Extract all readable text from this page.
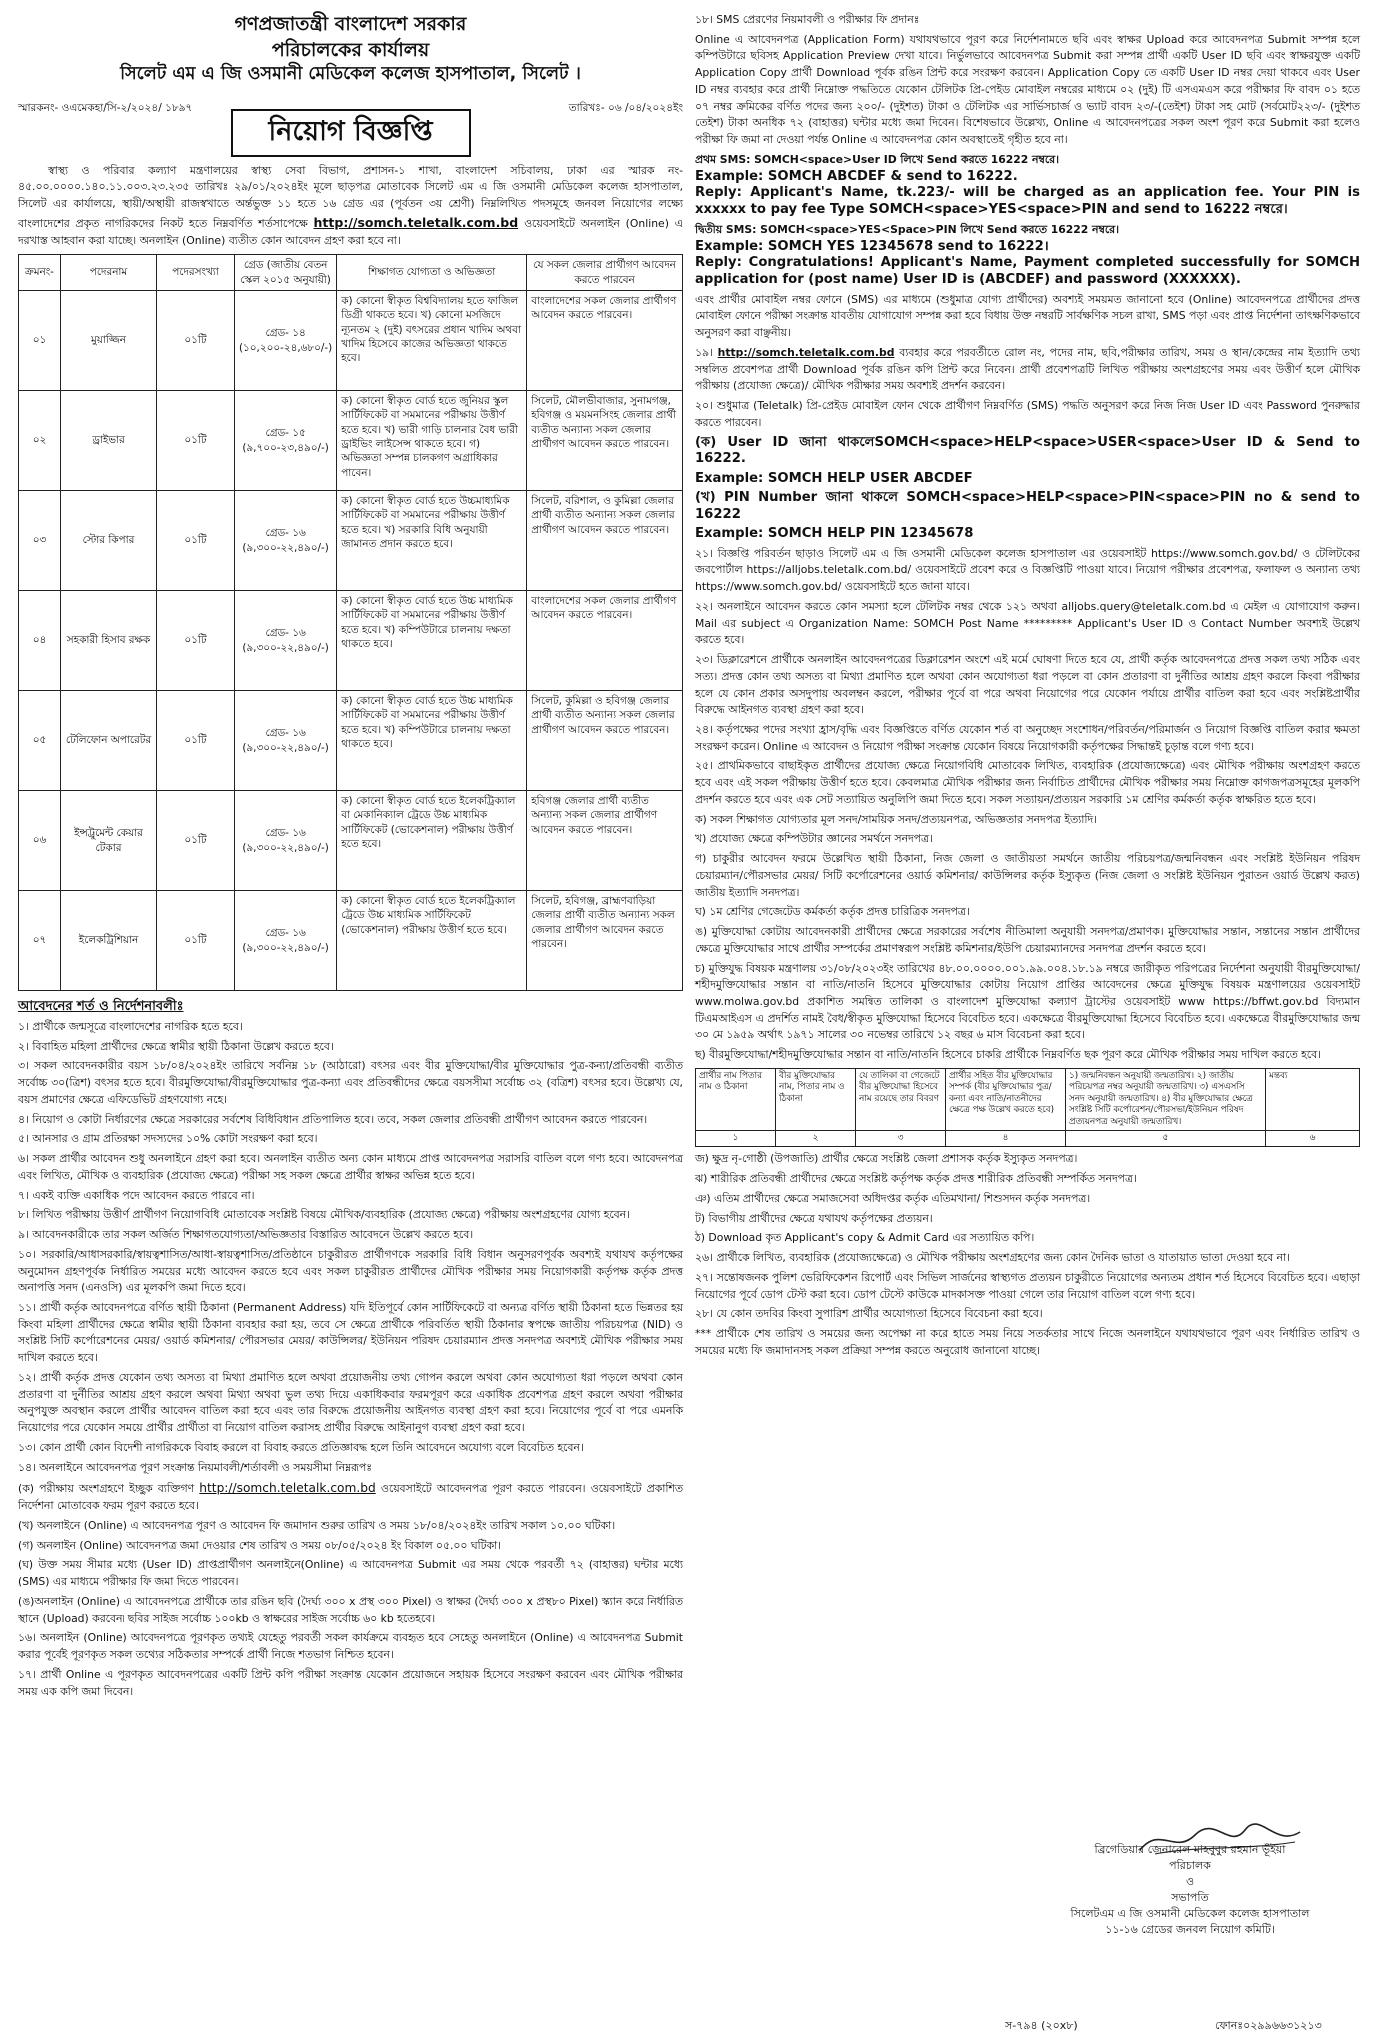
গণপ্রজাতন্ত্রী বাংলাদেশ সরকার
পরিচালকের কার্যালয়
সিলেট এম এ জি ওসমানী মেডিকেল কলেজ হাসপাতাল, সিলেট ।
স্মারকনং- ওএমেকহা/সি-২/২০২৪/ ১৮৯৭	তারিখঃ- ০৬ /০৪/২০২৪ইং
নিয়োগ বিজ্ঞপ্তি
স্বাস্থ্য ও পরিবার কল্যাণ মন্ত্রণালয়ের স্বাস্থ্য সেবা বিভাগ, প্রশাসন-১ শাখা, বাংলাদেশ সচিবালয়, ঢাকা এর স্মারক নং- ৪৫.০০.০০০০.১৪০.১১.০০৩.২৩.২৩৫ তারিখঃ ২৯/০১/২০২৪ইং মূলে ছাড়পত্র মোতাবেক সিলেট এম এ জি ওসমানী মেডিকেল কলেজ হাসপাতাল, সিলেট এর কার্যালয়ে, স্থায়ী/অস্থায়ী রাজস্বখাতে অর্ন্তভুক্ত ১১ হতে ১৬ গ্রেড এর (পূর্বতন ৩য় শ্রেণী) নিম্নলিখিত পদসমূহে জনবল নিয়োগের লক্ষ্যে বাংলাদেশের প্রকৃত নাগরিকদের নিকট হতে নিম্নবর্ণিত শর্তসাপেক্ষে http://somch.teletalk.com.bd ওয়েবসাইটে অনলাইন (Online) এ দরখাস্ত আহবান করা যাচ্ছে। অনলাইন (Online) ব্যতীত কোন আবেদন গ্রহণ করা হবে না।
ক্রমনং-	পদেরনাম	পদেরসংখ্যা	গ্রেড (জাতীয় বেতন স্কেল ২০১৫ অনুযায়ী)	শিক্ষাগত যোগ্যতা ও অভিজ্ঞতা	যে সকল জেলার প্রার্থীগণ আবেদন করতে পারবেন
০১	মুয়াজ্জিন	০১টি	গ্রেড- ১৪ (১০,২০০-২৪,৬৮০/-)	ক) কোনো স্বীকৃত বিশ্ববিদ্যালয় হতে ফাজিল ডিগ্রী থাকতে হবে। খ) কোনো মসজিদে ন্যূনতম ২ (দুই) বৎসরের প্রধান খাদিম অথবা খাদিম হিসেবে কাজের অভিজ্ঞতা থাকতে হবে।	বাংলাদেশের সকল জেলার প্রার্থীগণ আবেদন করতে পারবেন।
০২	ড্রাইভার	০১টি	গ্রেড- ১৫ (৯,৭০০-২৩,৪৯০/-)	ক) কোনো স্বীকৃত বোর্ড হতে জুনিয়র স্কুল সার্টিফিকেট বা সমমানের পরীক্ষায় উত্তীর্ণ হতে হবে। খ) ভারী গাড়ি চালনার বৈধ ভারী ড্রাইভিং লাইসেন্স থাকতে হবে। গ) অভিজ্ঞতা সম্পন্ন চালকগণ অগ্রাধিকার পাবেন।	সিলেট, মৌলভীবাজার, সুনামগঞ্জ, হবিগঞ্জ ও ময়মনসিংহ জেলার প্রার্থী ব্যতীত অন্যান্য সকল জেলার প্রার্থীগণ আবেদন করতে পারবেন।
০৩	স্টোর কিপার	০১টি	গ্রেড- ১৬ (৯,৩০০-২২,৪৯০/-)	ক) কোনো স্বীকৃত বোর্ড হতে উচ্চমাধ্যমিক সার্টিফিকেট বা সমমানের পরীক্ষায় উত্তীর্ণ হতে হবে। খ) সরকারি বিধি অনুযায়ী জামানত প্রদান করতে হবে।	সিলেট, বরিশাল, ও কুমিল্লা জেলার প্রার্থী ব্যতীত অন্যান্য সকল জেলার প্রার্থীগণ আবেদন করতে পারবেন।
০৪	সহকারী হিসাব রক্ষক	০১টি	গ্রেড- ১৬ (৯,৩০০-২২,৪৯০/-)	ক) কোনো স্বীকৃত বোর্ড হতে উচ্চ মাধ্যমিক সার্টিফিকেট বা সমমানের পরীক্ষায় উত্তীর্ণ হতে হবে। খ) কম্পিউটারে চালনায় দক্ষতা থাকতে হবে।	বাংলাদেশের সকল জেলার প্রার্থীগণ আবেদন করতে পারবেন।
০৫	টেলিফোন অপারেটর	০১টি	গ্রেড- ১৬ (৯,৩০০-২২,৪৯০/-)	ক) কোনো স্বীকৃত বোর্ড হতে উচ্চ মাধ্যমিক সার্টিফিকেট বা সমমানের পরীক্ষায় উত্তীর্ণ হতে হবে। খ) কম্পিউটারে চালনায় দক্ষতা থাকতে হবে।	সিলেট, কুমিল্লা ও হবিগঞ্জ জেলার প্রার্থী ব্যতীত অন্যান্য সকল জেলার প্রার্থীগণ আবেদন করতে পারবেন।
০৬	ইন্সট্রুমেন্ট কেয়ার টেকার	০১টি	গ্রেড- ১৬ (৯,৩০০-২২,৪৯০/-)	ক) কোনো স্বীকৃত বোর্ড হতে ইলেকট্রিক্যাল বা মেকানিক্যাল ট্রেডে উচ্চ মাধ্যমিক সার্টিফিকেট (ভোকেশনাল) পরীক্ষায় উত্তীর্ণ হতে হবে।	হবিগঞ্জ জেলার প্রার্থী ব্যতীত অন্যান্য সকল জেলার প্রার্থীগণ আবেদন করতে পারবেন।
০৭	ইলেকট্রিশিয়ান	০১টি	গ্রেড- ১৬ (৯,৩০০-২২,৪৯০/-)	ক) কোনো স্বীকৃত বোর্ড হতে ইলেকট্রিক্যাল ট্রেডে উচ্চ মাধ্যমিক সার্টিফিকেট (ভোকেশনাল) পরীক্ষায় উত্তীর্ণ হতে হবে।	সিলেট, হবিগঞ্জ, ব্রাহ্মণবাড়িয়া জেলার প্রার্থী ব্যতীত অন্যান্য সকল জেলার প্রার্থীগণ আবেদন করতে পারবেন।
আবেদনের শর্ত ও নির্দেশনাবলীঃ
১। প্রার্থীকে জন্মসূত্রে বাংলাদেশের নাগরিক হতে হবে।
২। বিবাহিত মহিলা প্রার্থীদের ক্ষেত্রে স্বামীর স্থায়ী ঠিকানা উল্লেখ করতে হবে।
৩। সকল আবেদনকারীর বয়স ১৮/০৪/২০২৪ইং তারিখে সর্বনিম্ন ১৮ (আঠারো) বৎসর এবং বীর মুক্তিযোদ্ধা/বীর মুক্তিযোদ্ধার পুত্র-কন্যা/প্রতিবন্ধী ব্যতীত সর্বোচ্চ ৩০(ত্রিশ) বৎসর হতে হবে। বীরমুক্তিযোদ্ধা/বীরমুক্তিযোদ্ধার পুত্র-কন্যা এবং প্রতিবন্ধীদের ক্ষেত্রে বয়সসীমা সর্বোচ্চ ৩২ (বত্রিশ) বৎসর হবে। উল্লেখ্য যে, বয়স প্রমাণের ক্ষেত্রে এফিডেভিট গ্রহণযোগ্য নহে।
৪। নিয়োগ ও কোটা নির্ধারণের ক্ষেত্রে সরকারের সর্বশেষ বিধিবিধান প্রতিপালিত হবে। তবে, সকল জেলার প্রতিবন্ধী প্রার্থীগণ আবেদন করতে পারবেন।
৫। আনসার ও গ্রাম প্রতিরক্ষা সদস্যদের ১০% কোটা সংরক্ষণ করা হবে।
৬। সকল প্রার্থীর আবেদন শুধু অনলাইনে গ্রহণ করা হবে। অনলাইন ব্যতীত অন্য কোন মাধ্যমে প্রাপ্ত আবেদনপত্র সরাসরি বাতিল বলে গণ্য হবে। আবেদনপত্র এবং লিখিত, মৌখিক ও ব্যবহারিক (প্রযোজ্য ক্ষেত্রে) পরীক্ষা সহ সকল ক্ষেত্রে প্রার্থীর স্বাক্ষর অভিন্ন হতে হবে।
৭। একই ব্যক্তি একাধিক পদে আবেদন করতে পারবে না।
৮। লিখিত পরীক্ষায় উত্তীর্ণ প্রার্থীগণ নিয়োগবিধি মোতাবেক সংশ্লিষ্ট বিষয়ে মৌখিক/ব্যবহারিক (প্রযোজ্য ক্ষেত্রে) পরীক্ষায় অংশগ্রহণের যোগ্য হবেন।
৯। আবেদনকারীকে তার সকল অর্জিত শিক্ষাগতযোগ্যতা/অভিজ্ঞতার বিস্তারিত আবেদনে উল্লেখ করতে হবে।
১০। সরকারি/আধাসরকারি/স্বায়ত্বশাসিত/আধা-স্বায়ত্বশাসিত/প্রতিষ্ঠানে চাকুরীরত প্রার্থীগণকে সরকারি বিধি বিধান অনুসরণপূর্বক অবশ্যই যথাযথ কর্তৃপক্ষের অনুমোদন গ্রহণপূর্বক নির্ধারিত সময়ের মধ্যে আবেদন করতে হবে এবং সকল চাকুরীরত প্রার্থীদের মৌখিক পরীক্ষার সময় নিয়োগকারী কর্তৃপক্ষ কর্তৃক প্রদত্ত অনাপত্তি সনদ (এনওসি) এর মূলকপি জমা দিতে হবে।
১১। প্রার্থী কর্তৃক আবেদনপত্রে বর্ণিত স্থায়ী ঠিকানা (Permanent Address) যদি ইতিপূর্বে কোন সার্টিফিকেটে বা অন্যত্র বর্ণিত স্থায়ী ঠিকানা হতে ভিন্নতর হয় কিংবা মহিলা প্রার্থীদের ক্ষেত্রে স্বামীর স্থায়ী ঠিকানা ব্যবহার করা হয়, তবে সে ক্ষেত্রে প্রার্থীকে পরিবর্তিত স্থায়ী ঠিকানার স্বপক্ষে জাতীয় পরিচয়পত্র (NID) ও সংশ্লিষ্ট সিটি কর্পোরেশনের মেয়র/ ওয়ার্ড কমিশনার/ পৌরসভার মেয়র/ কাউন্সিলর/ ইউনিয়ন পরিষদ চেয়ারম্যান প্রদত্ত সনদপত্র অবশ্যই মৌখিক পরীক্ষার সময় দাখিল করতে হবে।
১২। প্রার্থী কর্তৃক প্রদত্ত যেকোন তথ্য অসত্য বা মিথ্যা প্রমাণিত হলে অথবা প্রয়োজনীয় তথ্য গোপন করলে অথবা কোন অযোগ্যতা ধরা পড়লে অথবা কোন প্রতারণা বা দুর্নীতির আশ্রয় গ্রহণ করলে অথবা মিথ্যা অথবা ভুল তথ্য দিয়ে একাধিকবার ফরমপূরণ করে একাধিক প্রবেশপত্র গ্রহণ করলে অথবা পরীক্ষার অনুপযুক্ত অবস্থান করলে প্রার্থীর আবেদন বাতিল করা হবে এবং তার বিরুদ্ধে প্রয়োজনীয় আইনগত ব্যবস্থা গ্রহণ করা হবে। নিয়োগের পূর্বে বা পরে এমনকি নিয়োগের পরে যেকোন সময়ে প্রার্থীর প্রার্থীতা বা নিয়োগ বাতিল করাসহ প্রার্থীর বিরুদ্ধে আইনানুগ ব্যবস্থা গ্রহণ করা হবে।
১৩। কোন প্রার্থী কোন বিদেশী নাগরিককে বিবাহ করলে বা বিবাহ করতে প্রতিজ্ঞাবদ্ধ হলে তিনি আবেদনে অযোগ্য বলে বিবেচিত হবেন।
১৪। অনলাইনে আবেদনপত্র পূরণ সংক্রান্ত নিয়মাবলী/শর্তাবলী ও সময়সীমা নিম্নরূপঃ
(ক) পরীক্ষায় অংশগ্রহণে ইচ্ছুক ব্যক্তিগণ http://somch.teletalk.com.bd ওয়েবসাইটে আবেদনপত্র পূরণ করতে পারবেন। ওয়েবসাইটে প্রকাশিত নির্দেশনা মোতাবেক ফরম পূরণ করতে হবে।
(খ) অনলাইনে (Online) এ আবেদনপত্র পূরণ ও আবেদন ফি জমাদান শুরুর তারিখ ও সময় ১৮/০৪/২০২৪ইং তারিখ সকাল ১০.০০ ঘটিকা।
(গ) অনলাইন (Online) আবেদনপত্র জমা দেওয়ার শেষ তারিখ ও সময় ০৮/০৫/২০২৪ ইং বিকাল ০৫.০০ ঘটিকা।
(ঘ) উক্ত সময় সীমার মধ্যে (User ID) প্রাপ্তপ্রার্থীগণ অনলাইনে(Online) এ আবেদনপত্র Submit এর সময় থেকে পরবর্তী ৭২ (বাহাত্তর) ঘন্টার মধ্যে (SMS) এর মাধ্যমে পরীক্ষার ফি জমা দিতে পারবেন।
(ঙ)অনলাইন (Online) এ আবেদনপত্রে প্রার্থীকে তার রঙিন ছবি (দৈর্ঘ্য ৩০০ x প্রস্থ ৩০০ Pixel) ও স্বাক্ষর (দৈর্ঘ্য ৩০০ x প্রস্থ৮০ Pixel) স্ক্যান করে নির্ধারিত স্থানে (Upload) করবেন৷ ছবির সাইজ সর্বোচ্চ ১০০kb ও স্বাক্ষরের সাইজ সর্বোচ্চ ৬০ kb হতেহবে।
১৬। অনলাইন (Online) আবেদনপত্রে পূরণকৃত তথ্যই যেহেতু পরবর্তী সকল কার্যক্রমে ব্যবহৃত হবে সেহেতু অনলাইনে (Online) এ আবেদনপত্র Submit করার পূর্বেই পূরণকৃত সকল তথ্যের সঠিকতার সম্পর্কে প্রার্থী নিজে শতভাগ নিশ্চিত হবেন।
১৭। প্রার্থী Online এ পূরণকৃত আবেদনপত্রের একটি প্রিন্ট কপি পরীক্ষা সংক্রান্ত যেকোন প্রয়োজনে সহায়ক হিসেবে সংরক্ষণ করবেন এবং মৌখিক পরীক্ষার সময় এক কপি জমা দিবেন।
১৮। SMS প্রেরণের নিয়মাবলী ও পরীক্ষার ফি প্রদানঃ
Online এ আবেদনপত্র (Application Form) যথাযথভাবে পূরণ করে নির্দেশনামতে ছবি এবং স্বাক্ষর Upload করে আবেদনপত্র Submit সম্পন্ন হলে কম্পিউটারে ছবিসহ Application Preview দেখা যাবে। নির্ভুলভাবে আবেদনপত্র Submit করা সম্পন্ন প্রার্থী একটি User ID ছবি এবং স্বাক্ষরযুক্ত একটি Application Copy প্রার্থী Download পূর্বক রঙিন প্রিন্ট করে সংরক্ষণ করবেন। Application Copy তে একটি User ID নম্বর দেয়া থাকবে এবং User ID নম্বর ব্যবহার করে প্রার্থী নিম্নোক্ত পদ্ধতিতে যেকোন টেলিটক প্রি-পেইড মোবাইল নম্বরের মাধ্যমে ০২ (দুই) টি এসএমএস করে পরীক্ষার ফি বাবদ ০১ হতে ০৭ নম্বর ক্রমিকের বর্ণিত পদের জন্য ২০০/- (দুইশত) টাকা ও টেলিটক এর সার্ভিসচার্জ ও ভ্যাট বাবদ ২৩/-(তেইশ) টাকা সহ মোট (সর্বমোট২২৩/- (দুইশত তেইশ) টাকা অনধিক ৭২ (বাহাত্তর) ঘন্টার মধ্যে জমা দিবেন। বিশেষভাবে উল্লেখ্য, Online এ আবেদনপত্রের সকল অংশ পূরণ করে Submit করা হলেও পরীক্ষা ফি জমা না দেওয়া পর্যন্ত Online এ আবেদনপত্র কোন অবস্থাতেই গৃহীত হবে না।
প্রথম SMS: SOMCH<space>User ID লিখে Send করতে 16222 নম্বরে।
Example: SOMCH ABCDEF & send to 16222.
Reply: Applicant's Name, tk.223/- will be charged as an application fee. Your PIN is xxxxxx to pay fee Type SOMCH<space>YES<space>PIN and send to 16222 নম্বরে।
দ্বিতীয় SMS: SOMCH<space>YES<Space>PIN লিখে Send করতে 16222 নম্বরে।
Example: SOMCH YES 12345678 send to 16222।
Reply: Congratulations! Applicant's Name, Payment completed successfully for SOMCH application for (post name) User ID is (ABCDEF) and password (XXXXXX).
এবং প্রার্থীর মোবাইল নম্বর ফোনে (SMS) এর মাধ্যমে (শুধুমাত্র যোগ্য প্রার্থীদের) অবশ্যই সময়মত জানানো হবে (Online) আবেদনপত্রে প্রার্থীদের প্রদত্ত মোবাইল ফোনে পরীক্ষা সংক্রান্ত যাবতীয় যোগাযোগ সম্পন্ন করা হবে বিধায় উক্ত নম্বরটি সার্বক্ষণিক সচল রাখা, SMS পড়া এবং প্রাপ্ত নির্দেশনা তাৎক্ষণিকভাবে অনুসরণ করা বাঞ্ছনীয়।
১৯। http://somch.teletalk.com.bd ব্যবহার করে পরবর্তীতে রোল নং, পদের নাম, ছবি,পরীক্ষার তারিখ, সময় ও স্থান/কেন্দ্রের নাম ইত্যাদি তথ্য সম্বলিত প্রবেশপত্র প্রার্থী Download পূর্বক রঙিন কপি প্রিন্ট করে নিবেন। প্রার্থী প্রবেশপত্রটি লিখিত পরীক্ষায় অংশগ্রহণের সময় এবং উত্তীর্ণ হলে মৌখিক পরীক্ষায় (প্রযোজ্য ক্ষেত্রে)/ মৌখিক পরীক্ষার সময় অবশ্যই প্রদর্শন করবেন।
২০। শুধুমাত্র (Teletalk) প্রি-প্রেইড মোবাইল ফোন থেকে প্রার্থীগণ নিম্নবর্ণিত (SMS) পদ্ধতি অনুসরণ করে নিজ নিজ User ID এবং Password পুনরুদ্ধার করতে পারবেন।
(ক) User ID জানা থাকলেSOMCH<space>HELP<space>USER<space>User ID & Send to 16222.
Example: SOMCH HELP USER ABCDEF
(খ) PIN Number জানা থাকলে SOMCH<space>HELP<space>PIN<space>PIN no & send to 16222
Example: SOMCH HELP PIN 12345678
২১। বিজ্ঞপ্তি পরিবর্তন ছাড়াও সিলেট এম এ জি ওসমানী মেডিকেল কলেজ হাসপাতাল এর ওয়েবসাইট https://www.somch.gov.bd/ ও টেলিটকের জবপোর্টাল https://alljobs.teletalk.com.bd/ ওয়েবসাইটে প্রবেশ করে ও বিজ্ঞপ্তিটি পাওয়া যাবে। নিয়োগ পরীক্ষার প্রবেশপত্র, ফলাফল ও অন্যান্য তথ্য https://www.somch.gov.bd/ ওয়েবসাইটে হতে জানা যাবে।
২২। অনলাইনে আবেদন করতে কোন সমস্যা হলে টেলিটক নম্বর থেকে ১২১ অথবা alljobs.query@teletalk.com.bd এ মেইল এ যোগাযোগ করুন। Mail এর subject এ Organization Name: SOMCH Post Name ********* Applicant's User ID ও Contact Number অবশ্যই উল্লেখ করতে হবে।
২৩। ডিক্লারেশনে প্রার্থীকে অনলাইন আবেদনপত্রের ডিক্লারেশন অংশে এই মর্মে ঘোষণা দিতে হবে যে, প্রার্থী কর্তৃক আবেদনপত্রে প্রদত্ত সকল তথ্য সঠিক এবং সত্য। প্রদত্ত কোন তথ্য অসত্য বা মিথ্যা প্রমাণিত হলে অথবা কোন অযোগ্যতা ধরা পড়লে বা কোন প্রতারণা বা দুর্নীতির আশ্রয় গ্রহণ করলে কিংবা পরীক্ষার হলে যে কোন প্রকার অসদুপায় অবলম্বন করলে, পরীক্ষার পূর্বে বা পরে অথবা নিয়োগের পরে যেকোন পর্যায়ে প্রার্থীর বাতিল করা হবে এবং সংশ্লিষ্টপ্রার্থীর বিরুদ্ধে আইনগত ব্যবস্থা গ্রহণ করা হবে।
২৪। কর্তৃপক্ষের পদের সংখ্যা হ্রাস/বৃদ্ধি এবং বিজ্ঞপ্তিতে বর্ণিত যেকোন শর্ত বা অনুচ্ছেদ সংশোধন/পরিবর্তন/পরিমার্জন ও নিয়োগ বিজ্ঞপ্তি বাতিল করার ক্ষমতা সংরক্ষণ করেন। Online এ আবেদন ও নিয়োগ পরীক্ষা সংক্রান্ত যেকোন বিষয়ে নিয়োগকারী কর্তৃপক্ষের সিদ্ধান্তই চূড়ান্ত বলে গণ্য হবে।
২৫। প্রাথমিকভাবে বাছাইকৃত প্রার্থীদের প্রযোজ্য ক্ষেত্রে নিয়োগবিধি মোতাবেক লিখিত, ব্যবহারিক (প্রযোজ্যক্ষেত্রে) এবং মৌখিক পরীক্ষায় অংশগ্রহণ করতে হবে এবং এই সকল পরীক্ষায় উত্তীর্ণ হতে হবে। কেবলমাত্র মৌখিক পরীক্ষার জন্য নির্বাচিত প্রার্থীদের মৌখিক পরীক্ষার সময় নিম্নোক্ত কাগজপত্রসমূহের মূলকপি প্রদর্শন করতে হবে এবং এক সেট সত্যায়িত অনুলিপি জমা দিতে হবে। সকল সত্যায়ন/প্রত্যয়ন সরকারি ১ম শ্রেণির কর্মকর্তা কর্তৃক স্বাক্ষরিত হতে হবে।
ক) সকল শিক্ষাগত যোগ্যতার মূল সনদ/সাময়িক সনদ/প্রত্যয়নপত্র, অভিজ্ঞতার সনদপত্র ইত্যাদি।
খ) প্রযোজ্য ক্ষেত্রে কম্পিউটার জ্ঞানের সমর্থনে সনদপত্র।
গ) চাকুরীর আবেদন ফরমে উল্লেখিত স্থায়ী ঠিকানা, নিজ জেলা ও জাতীয়তা সমর্থনে জাতীয় পরিচয়পত্র/জন্মনিবন্ধন এবং সংশ্লিষ্ট ইউনিয়ন পরিষদ চেয়ারম্যান/পৌরসভার মেয়র/ সিটি কর্পোরেশনের ওয়ার্ড কমিশনার/ কাউন্সিলর কর্তৃক ইস্যুকৃত (নিজ জেলা ও সংশ্লিষ্ট ইউনিয়ন পুরাতন ওয়ার্ড উল্লেখ করত) জাতীয় ইত্যাদি সনদপত্র।
ঘ) ১ম শ্রেণির গেজেটেড কর্মকর্তা কর্তৃক প্রদত্ত চারিত্রিক সনদপত্র।
ঙ) মুক্তিযোদ্ধা কোটায় আবেদনকারী প্রার্থীদের ক্ষেত্রে সরকারের সর্বশেষ নীতিমালা অনুযায়ী সনদপত্র/প্রমাণক। মুক্তিযোদ্ধার সন্তান, সন্তানের সন্তান প্রার্থীদের ক্ষেত্রে মুক্তিযোদ্ধার সাথে প্রার্থীর সম্পর্কের প্রমাণস্বরূপ সংশ্লিষ্ট কমিশনার/ইউপি চেয়ারম্যানদের সনদপত্র প্রদর্শন করতে হবে।
চ) মুক্তিযুদ্ধ বিষয়ক মন্ত্রণালয় ৩১/০৮/২০২৩ইং তারিখের ৪৮.০০.০০০০.০০১.৯৯.০০৪.১৮.১৯ নম্বরে জারীকৃত পরিপত্রের নির্দেশনা অনুযায়ী বীরমুক্তিযোদ্ধা/শহীদমুক্তিযোদ্ধার সন্তান বা নাতি/নাতনি হিসেবে মুক্তিযোদ্ধার কোটায় নিয়োগ প্রাপ্তির আবেদনের ক্ষেত্রে মুক্তিযুদ্ধ বিষয়ক মন্ত্রণালয়ের ওয়েবসাইট www.molwa.gov.bd প্রকাশিত সমন্বিত তালিকা ও বাংলাদেশ মুক্তিযোদ্ধা কল্যাণ ট্রাস্টের ওয়েবসাইট www https://bffwt.gov.bd বিদ্যমান টিএমআইএস এ প্রদর্শিত নামই বৈধ/স্বীকৃত মুক্তিযোদ্ধা হিসেবে বিবেচিত হবে। একক্ষেত্রে বীরমুক্তিযোদ্ধা হিসেবে বিবেচিত হবে। একক্ষেত্রে বীরমুক্তিযোদ্ধার জন্ম ৩০ মে ১৯৫৯ অর্থাৎ ১৯৭১ সালের ৩০ নভেম্বর তারিখে ১২ বছর ৬ মাস বিবেচনা করা হবে।
ছ) বীরমুক্তিযোদ্ধা/শহীদমুক্তিযোদ্ধার সন্তান বা নাতি/নাতনি হিসেবে চাকরি প্রার্থীকে নিম্নবর্ণিত ছক পূরণ করে মৌখিক পরীক্ষার সময় দাখিল করতে হবে।
প্রার্থীর নাম পিতার নাম ও ঠিকানা	বীর মুক্তিযোদ্ধার নাম, পিতার নাম ও ঠিকানা	যে তালিকা বা গেজেটে বীর মুক্তিযোদ্ধা হিসেবে নাম রয়েছে তার বিবরণ	প্রার্থীর সহিত বীর মুক্তিযোদ্ধার সম্পর্ক (বীর মুক্তিযোদ্ধার পুত্র/কন্যা এবং নাতি/নাতনীদের ক্ষেত্রে পক্ষ উল্লেখ করতে হবে)	১) জন্মনিবন্ধন অনুযায়ী জন্মতারিখ। ২) জাতীয় পরিচয়পত্র নম্বর অনুযায়ী জন্মতারিখ। ৩) এসএসসি সনদ অনুযায়ী জন্মতারিখ। ৪) বীর মুক্তিযোদ্ধার ক্ষেত্রে সংশ্লিষ্ট সিটি কর্পোরেশন/পৌরসভা/ইউনিয়ন পরিষদ প্রত্যয়নপত্র অনুযায়ী জন্মতারিখ।	মন্তব্য
১	২	৩	৪	৫	৬
জ) ক্ষুদ্র নৃ-গোষ্ঠী (উপজাতি) প্রার্থীর ক্ষেত্রে সংশ্লিষ্ট জেলা প্রশাসক কর্তৃক ইস্যুকৃত সনদপত্র।
ঝ) শারীরিক প্রতিবন্ধী প্রার্থীদের ক্ষেত্রে সংশ্লিষ্ট কর্তৃপক্ষ কর্তৃক প্রদত্ত শারীরিক প্রতিবন্ধী সম্পর্কিত সনদপত্র।
ঞ) এতিম প্রার্থীদের ক্ষেত্রে সমাজসেবা অধিদপ্তর কর্তৃক এতিমখানা/ শিশুসদন কর্তৃক সনদপত্র।
ট) বিভাগীয় প্রার্থীদের ক্ষেত্রে যথাযথ কর্তৃপক্ষের প্রত্যয়ন।
ঠ) Download কৃত Applicant's copy & Admit Card এর সত্যায়িত কপি।
২৬। প্রার্থীকে লিখিত, ব্যবহারিক (প্রযোজ্যক্ষেত্রে) ও মৌখিক পরীক্ষায় অংশগ্রহণের জন্য কোন দৈনিক ভাতা ও যাতায়াত ভাতা দেওয়া হবে না।
২৭। সন্তোষজনক পুলিশ ভেরিফিকেশন রিপোর্ট এবং সিভিল সার্জনের স্বাস্থ্যগত প্রত্যয়ন চাকুরীতে নিয়োগের অন্যতম প্রধান শর্ত হিসেবে বিবেচিত হবে। এছাড়া নিয়োগের পূর্বে ডোপ টেস্ট করা হবে। ডোপ টেস্টে কাউকে মাদকাসক্ত পাওয়া গেলে তার নিয়োগ বাতিল বলে গণ্য হবে।
২৮। যে কোন তদবির কিংবা সুপারিশ প্রার্থীর অযোগ্যতা হিসেবে বিবেচনা করা হবে।
*** প্রার্থীকে শেষ তারিখ ও সময়ের জন্য অপেক্ষা না করে হাতে সময় নিয়ে সতর্কতার সাথে নিজে অনলাইনে যথাযথভাবে পূরণ এবং নির্ধারিত তারিখ ও সময়ের মধ্যে ফি জমাদানসহ সকল প্রক্রিয়া সম্পন্ন করতে অনুরোধ জানানো যাচ্ছে।
ব্রিগেডিয়ার জেনারেল মাহবুবুর রহমান ভূঁইয়া
পরিচালক
ও
সভাপতি
সিলেটএম এ জি ওসমানী মেডিকেল কলেজ হাসপাতাল
১১-১৬ গ্রেডের জনবল নিয়োগ কমিটি।
স-৭৯৪ (২০x৮)	ফোনঃ০২৯৯৬৬৩১২১৩
